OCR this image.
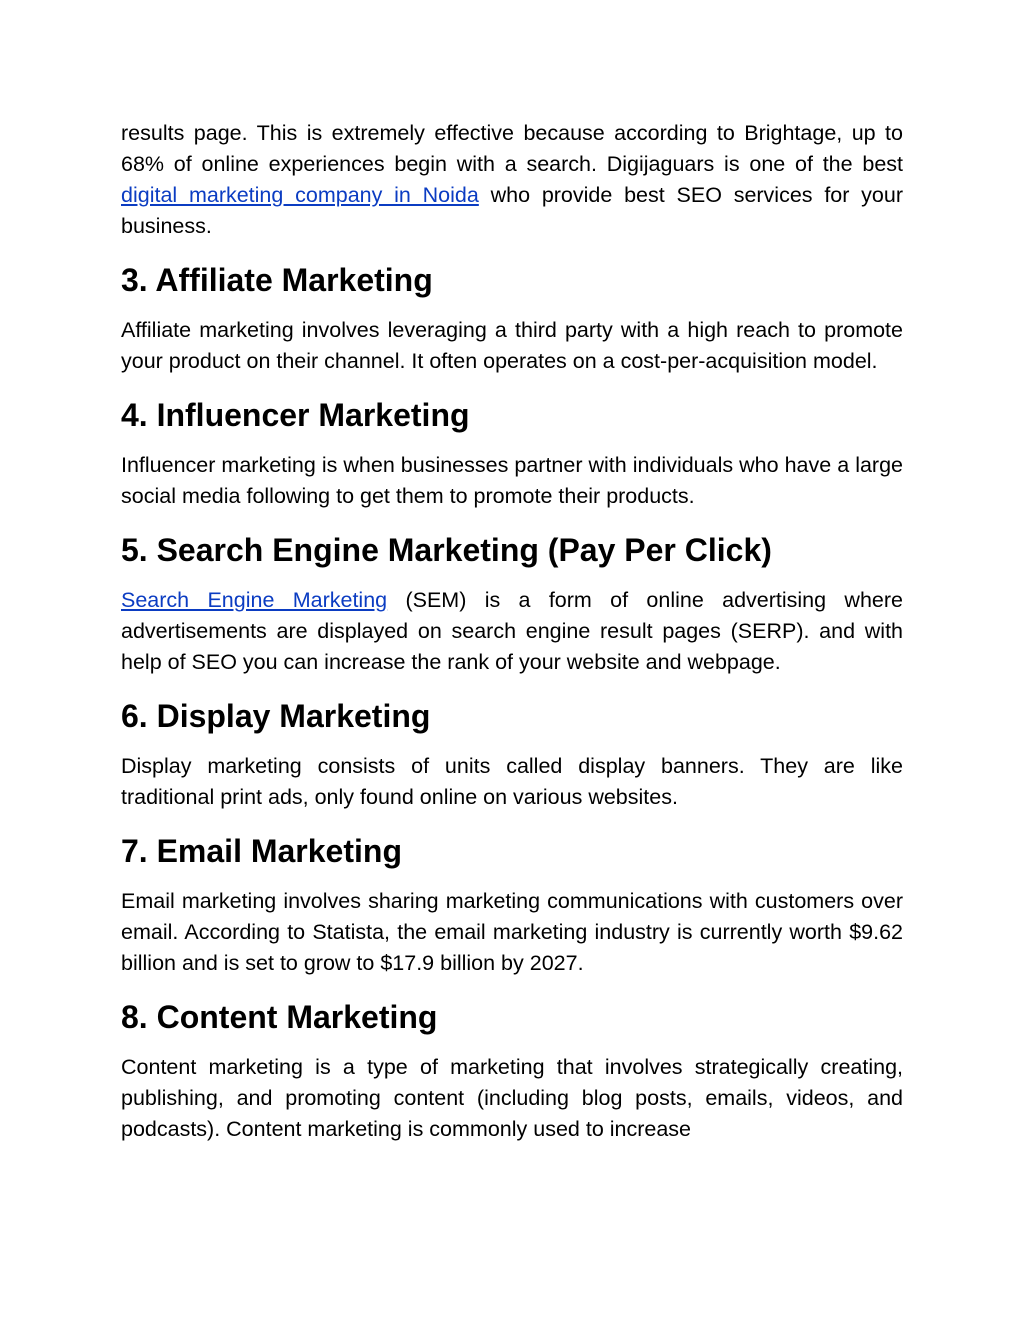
results page. This is extremely effective because according to Brightage, up to 68% of online experiences begin with a search. Digijaguars is one of the best digital marketing company in Noida who provide best SEO services for your business.

3. Affiliate Marketing

Affiliate marketing involves leveraging a third party with a high reach to promote your product on their channel. It often operates on a cost-per-acquisition model.

4. Influencer Marketing

Influencer marketing is when businesses partner with individuals who have a large social media following to get them to promote their products.

5. Search Engine Marketing (Pay Per Click)

Search Engine Marketing (SEM) is a form of online advertising where advertisements are displayed on search engine result pages (SERP). and with help of SEO you can increase the rank of your website and webpage.

6. Display Marketing

Display marketing consists of units called display banners. They are like traditional print ads, only found online on various websites.

7. Email Marketing

Email marketing involves sharing marketing communications with customers over email. According to Statista, the email marketing industry is currently worth $9.62 billion and is set to grow to $17.9 billion by 2027.

8. Content Marketing

Content marketing is a type of marketing that involves strategically creating, publishing, and promoting content (including blog posts, emails, videos, and podcasts). Content marketing is commonly used to increase
